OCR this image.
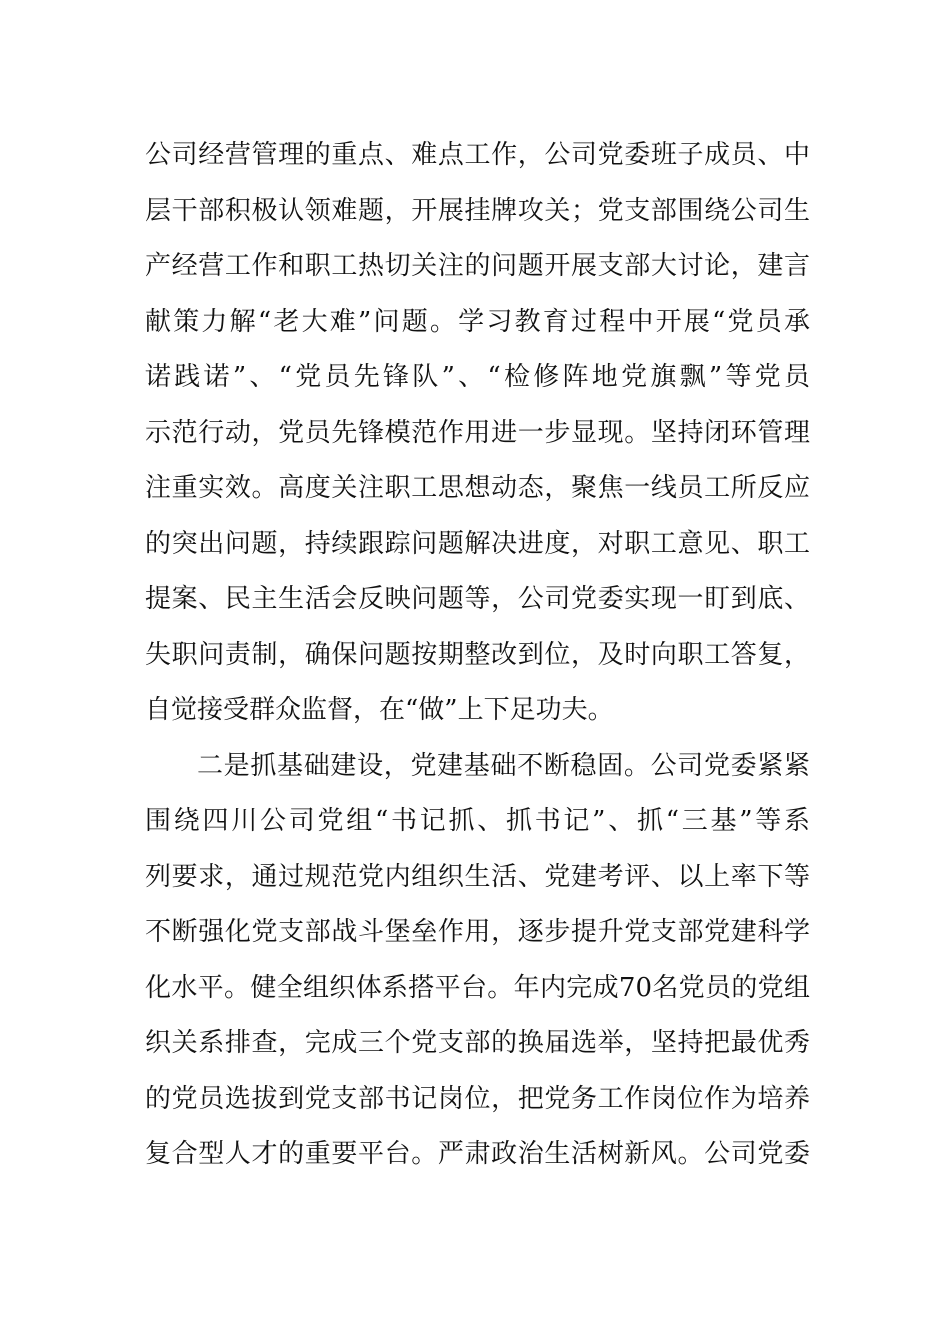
公司经营管理的重点、难点工作，公司党委班子成员、中
层干部积极认领难题，开展挂牌攻关；党支部围绕公司生
产经营工作和职工热切关注的问题开展支部大讨论，建言
献策力解“老大难”问题。学习教育过程中开展“党员承
诺践诺”、“党员先锋队”、“检修阵地党旗飘”等党员
示范行动，党员先锋模范作用进一步显现。坚持闭环管理
注重实效。高度关注职工思想动态，聚焦一线员工所反应
的突出问题，持续跟踪问题解决进度，对职工意见、职工
提案、民主生活会反映问题等，公司党委实现一盯到底、
失职问责制，确保问题按期整改到位，及时向职工答复，
自觉接受群众监督，在“做”上下足功夫。
二是抓基础建设，党建基础不断稳固。公司党委紧紧
围绕四川公司党组“书记抓、抓书记”、抓“三基”等系
列要求，通过规范党内组织生活、党建考评、以上率下等
不断强化党支部战斗堡垒作用，逐步提升党支部党建科学
化水平。健全组织体系搭平台。年内完成70名党员的党组
织关系排查，完成三个党支部的换届选举，坚持把最优秀
的党员选拔到党支部书记岗位，把党务工作岗位作为培养
复合型人才的重要平台。严肃政治生活树新风。公司党委
